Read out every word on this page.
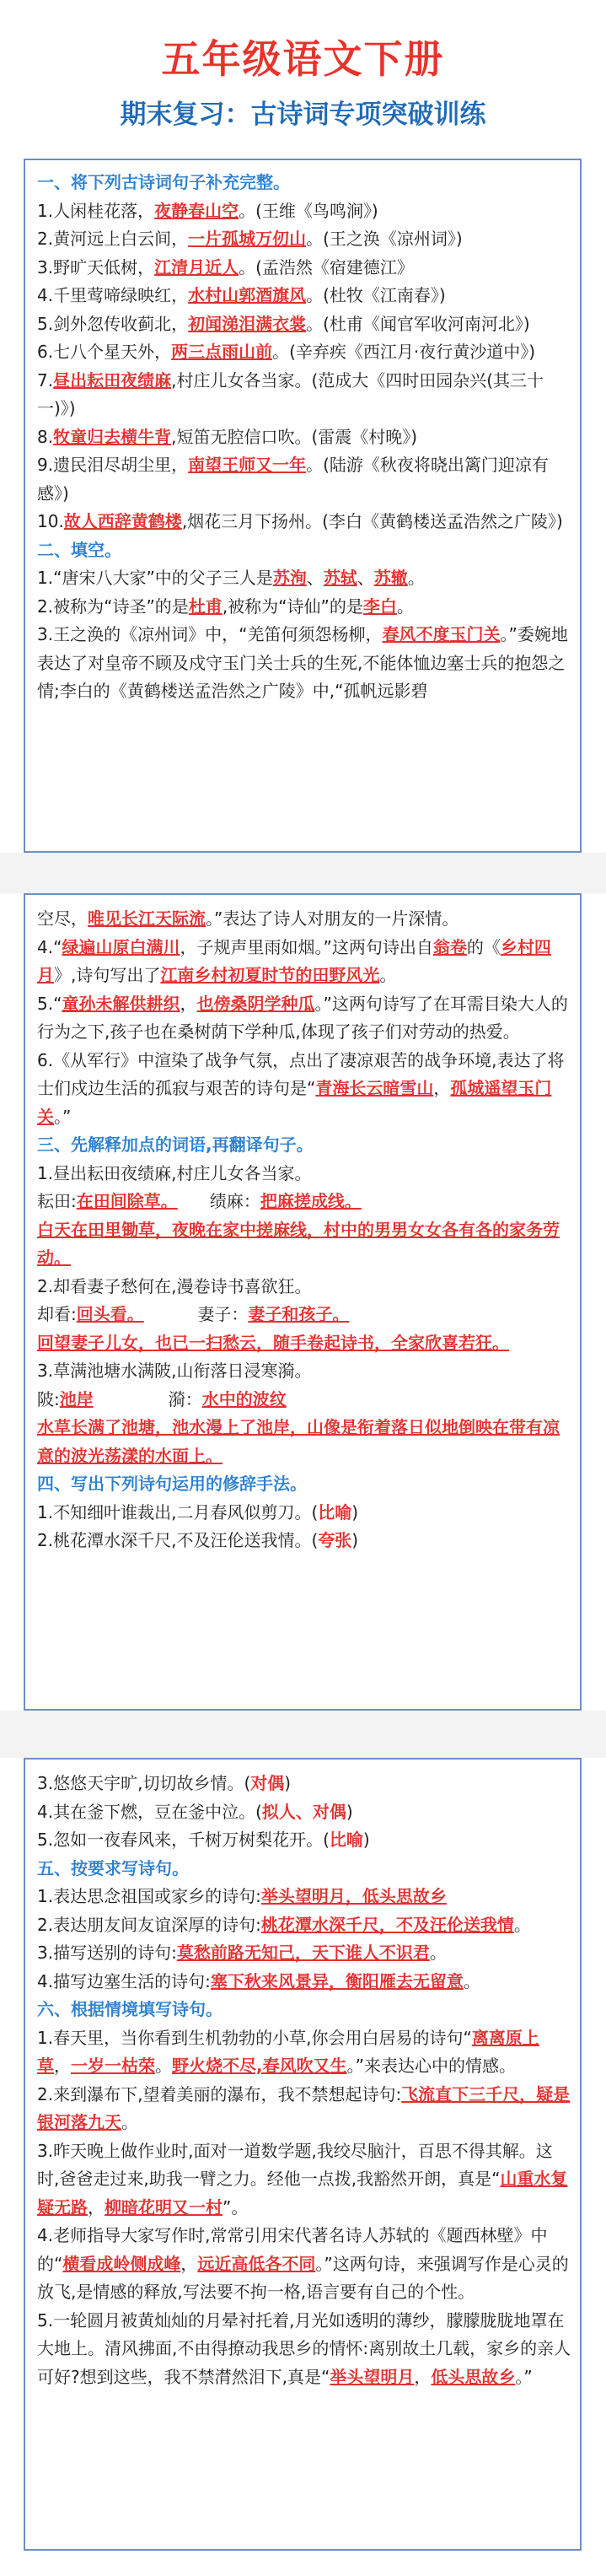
五年级语文下册
期末复习：古诗词专项突破训练
一、将下列古诗词句子补充完整。
1.人闲桂花落，夜静春山空。(王维《鸟鸣涧》)
2.黄河远上白云间，一片孤城万仞山。(王之涣《凉州词》)
3.野旷天低树，江清月近人。(孟浩然《宿建德江》
4.千里莺啼绿映红，水村山郭酒旗风。(杜牧《江南春》)
5.剑外忽传收蓟北，初闻涕泪满衣裳。(杜甫《闻官军收河南河北》)
6.七八个星天外，两三点雨山前。(辛弃疾《西江月·夜行黄沙道中》)
7.昼出耘田夜绩麻,村庄儿女各当家。(范成大《四时田园杂兴(其三十一)》)
8.牧童归去横牛背,短笛无腔信口吹。(雷震《村晚》)
9.遗民泪尽胡尘里，南望王师又一年。(陆游《秋夜将晓出篱门迎凉有感》)
10.故人西辞黄鹤楼,烟花三月下扬州。(李白《黄鹤楼送孟浩然之广陵》)
二、填空。
1.“唐宋八大家”中的父子三人是苏洵、苏轼、苏辙。
2.被称为“诗圣”的是杜甫,被称为“诗仙”的是李白。
3.王之涣的《凉州词》中，“羌笛何须怨杨柳，春风不度玉门关。”委婉地表达了对皇帝不顾及戍守玉门关士兵的生死,不能体恤边塞士兵的抱怨之情;李白的《黄鹤楼送孟浩然之广陵》中,“孤帆远影碧
空尽，唯见长江天际流。”表达了诗人对朋友的一片深情。
4.“绿遍山原白满川，子规声里雨如烟。”这两句诗出自翁卷的《乡村四月》,诗句写出了江南乡村初夏时节的田野风光。
5.“童孙未解供耕织，也傍桑阴学种瓜。”这两句诗写了在耳需目染大人的行为之下,孩子也在桑树荫下学种瓜,体现了孩子们对劳动的热爱。
6.《从军行》中渲染了战争气氛，点出了凄凉艰苦的战争环境,表达了将士们戍边生活的孤寂与艰苦的诗句是“青海长云暗雪山，孤城遥望玉门关。”
三、先解释加点的词语,再翻译句子。
1.昼出耘田夜绩麻,村庄儿女各当家。
耘田:在田间除草。 绩麻：把麻搓成线。
白天在田里锄草，夜晚在家中搓麻线，村中的男男女女各有各的家务劳动。
2.却看妻子愁何在,漫卷诗书喜欲狂。
却看:回头看。	妻子：妻子和孩子。
回望妻子儿女，也已一扫愁云，随手卷起诗书，全家欣喜若狂。
3.草满池塘水满陂,山衔落日浸寒漪。
陂:池岸	漪：水中的波纹
水草长满了池塘，池水漫上了池岸，山像是衔着落日似地倒映在带有凉意的波光荡漾的水面上。
四、写出下列诗句运用的修辞手法。
1.不知细叶谁裁出,二月春风似剪刀。(比喻)
2.桃花潭水深千尺,不及汪伦送我情。(夸张)
3.悠悠天宇旷,切切故乡情。(对偶)
4.其在釜下燃，豆在釜中泣。(拟人、对偶)
5.忽如一夜春风来，千树万树梨花开。(比喻)
五、按要求写诗句。
1.表达思念祖国或家乡的诗句:举头望明月，低头思故乡
2.表达朋友间友谊深厚的诗句:桃花潭水深千尺，不及汪伦送我情。
3.描写送别的诗句:莫愁前路无知己，天下谁人不识君。
4.描写边塞生活的诗句:塞下秋来风景异，衡阳雁去无留意。
六、根据情境填写诗句。
1.春天里，当你看到生机勃勃的小草,你会用白居易的诗句“离离原上草，一岁一枯荣。野火烧不尽,春风吹又生。”来表达心中的情感。
2.来到瀑布下,望着美丽的瀑布，我不禁想起诗句:飞流直下三千尺，疑是银河落九天。
3.昨天晚上做作业时,面对一道数学题,我绞尽脑汁，百思不得其解。这时,爸爸走过来,助我一臂之力。经他一点拨,我豁然开朗，真是“山重水复疑无路，柳暗花明又一村”。
4.老师指导大家写作时,常常引用宋代著名诗人苏轼的《题西林壁》中的“横看成岭侧成峰，远近高低各不同。”这两句诗，来强调写作是心灵的放飞,是情感的释放,写法要不拘一格,语言要有自己的个性。
5.一轮圆月被黄灿灿的月晕衬托着,月光如透明的薄纱，朦朦胧胧地罩在大地上。清风拂面,不由得撩动我思乡的情怀:离别故土几载，家乡的亲人可好?想到这些，我不禁潸然泪下,真是“举头望明月，低头思故乡。”
